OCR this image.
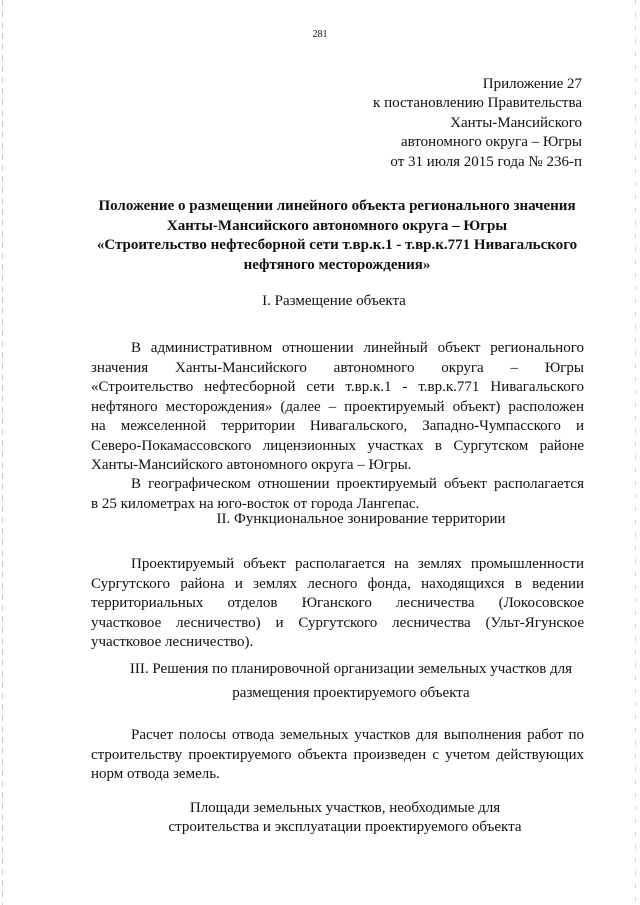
281
Приложение 27
к постановлению Правительства
Ханты-Мансийского
автономного округа – Югры
от 31 июля 2015 года № 236-п
Положение о размещении линейного объекта регионального значения
Ханты-Мансийского автономного округа – Югры
«Строительство нефтесборной сети т.вр.к.1 - т.вр.к.771 Нивагальского
нефтяного месторождения»
I. Размещение объекта
В административном отношении линейный объект регионального
значения Ханты-Мансийского автономного округа – Югры
«Строительство нефтесборной сети т.вр.к.1 - т.вр.к.771 Нивагальского
нефтяного месторождения» (далее – проектируемый объект) расположен
на межселенной территории Нивагальского, Западно-Чумпасского и
Северо-Покамассовского лицензионных участках в Сургутском районе
Ханты-Мансийского автономного округа – Югры.
В географическом отношении проектируемый объект располагается
в 25 километрах на юго-восток от города Лангепас.
II. Функциональное зонирование территории
Проектируемый объект располагается на землях промышленности
Сургутского района и землях лесного фонда, находящихся в ведении
территориальных отделов Юганского лесничества (Локосовское
участковое лесничество) и Сургутского лесничества (Ульт-Ягунское
участковое лесничество).
III. Решения по планировочной организации земельных участков для
размещения проектируемого объекта
Расчет полосы отвода земельных участков для выполнения работ по
строительству проектируемого объекта произведен с учетом действующих
норм отвода земель.
Площади земельных участков, необходимые для
строительства и эксплуатации проектируемого объекта
